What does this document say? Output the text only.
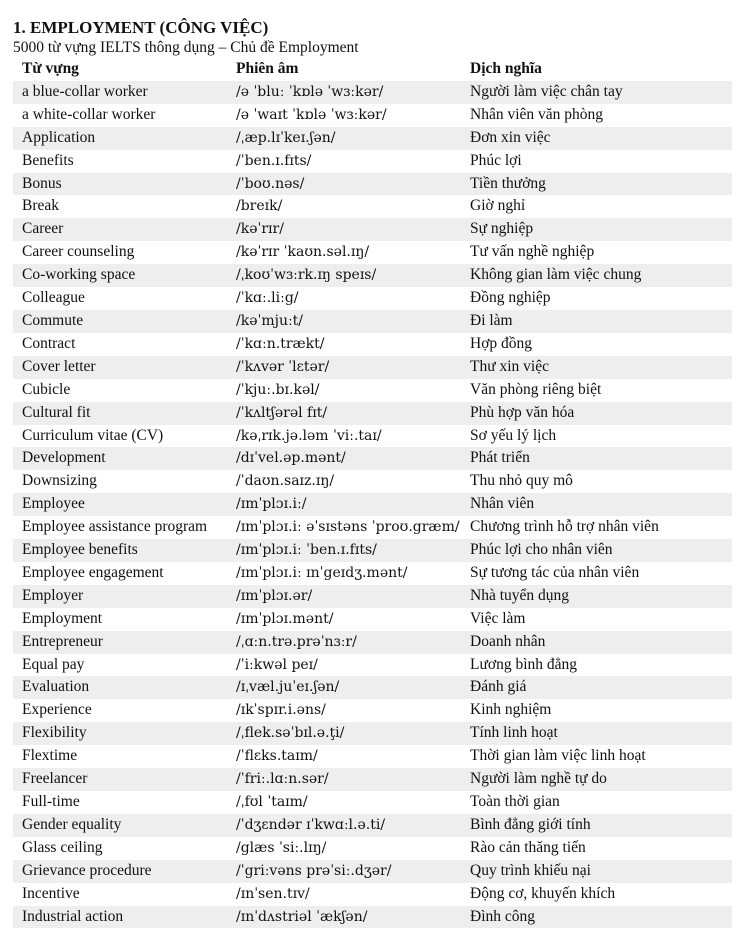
1. EMPLOYMENT (CÔNG VIỆC)

5000 từ vựng IELTS thông dụng – Chủ đề Employment

Từ vựng	Phiên âm	Dịch nghĩa
a blue-collar worker	/ə ˈbluː ˈkɒlə ˈwɜːkər/	Người làm việc chân tay
a white-collar worker	/ə ˈwaɪt ˈkɒlə ˈwɜːkər/	Nhân viên văn phòng
Application	/ˌæp.lɪˈkeɪ.ʃən/	Đơn xin việc
Benefits	/ˈben.ɪ.fɪts/	Phúc lợi
Bonus	/ˈboʊ.nəs/	Tiền thưởng
Break	/breɪk/	Giờ nghỉ
Career	/kəˈrɪr/	Sự nghiệp
Career counseling	/kəˈrɪr ˈkaʊn.səl.ɪŋ/	Tư vấn nghề nghiệp
Co-working space	/ˌkoʊˈwɜːrk.ɪŋ speɪs/	Không gian làm việc chung
Colleague	/ˈkɑː.liːg/	Đồng nghiệp
Commute	/kəˈmjuːt/	Đi làm
Contract	/ˈkɑːn.trækt/	Hợp đồng
Cover letter	/ˈkʌvər ˈlɛtər/	Thư xin việc
Cubicle	/ˈkjuː.bɪ.kəl/	Văn phòng riêng biệt
Cultural fit	/ˈkʌltʃərəl fɪt/	Phù hợp văn hóa
Curriculum vitae (CV)	/kəˌrɪk.jə.ləm ˈviː.taɪ/	Sơ yếu lý lịch
Development	/dɪˈvel.əp.mənt/	Phát triển
Downsizing	/ˈdaʊn.saɪz.ɪŋ/	Thu nhỏ quy mô
Employee	/ɪmˈplɔɪ.iː/	Nhân viên
Employee assistance program	/ɪmˈplɔɪ.iː əˈsɪstəns ˈproʊ.græm/	Chương trình hỗ trợ nhân viên
Employee benefits	/ɪmˈplɔɪ.iː ˈben.ɪ.fɪts/	Phúc lợi cho nhân viên
Employee engagement	/ɪmˈplɔɪ.iː ɪnˈgeɪdʒ.mənt/	Sự tương tác của nhân viên
Employer	/ɪmˈplɔɪ.ər/	Nhà tuyển dụng
Employment	/ɪmˈplɔɪ.mənt/	Việc làm
Entrepreneur	/ˌɑːn.trə.prəˈnɜːr/	Doanh nhân
Equal pay	/ˈiːkwəl peɪ/	Lương bình đẳng
Evaluation	/ɪˌvæl.juˈeɪ.ʃən/	Đánh giá
Experience	/ɪkˈspɪr.i.əns/	Kinh nghiệm
Flexibility	/ˌflek.səˈbɪl.ə.ţi/	Tính linh hoạt
Flextime	/ˈflɛks.taɪm/	Thời gian làm việc linh hoạt
Freelancer	/ˈfriː.lɑːn.sər/	Người làm nghề tự do
Full-time	/ˌfʊl ˈtaɪm/	Toàn thời gian
Gender equality	/ˈdʒɛndər ɪˈkwɑːl.ə.ti/	Bình đẳng giới tính
Glass ceiling	/glæs ˈsiː.lɪŋ/	Rào cản thăng tiến
Grievance procedure	/ˈgriːvəns prəˈsiː.dʒər/	Quy trình khiếu nại
Incentive	/ɪnˈsen.tɪv/	Động cơ, khuyến khích
Industrial action	/ɪnˈdʌstriəl ˈækʃən/	Đình công
